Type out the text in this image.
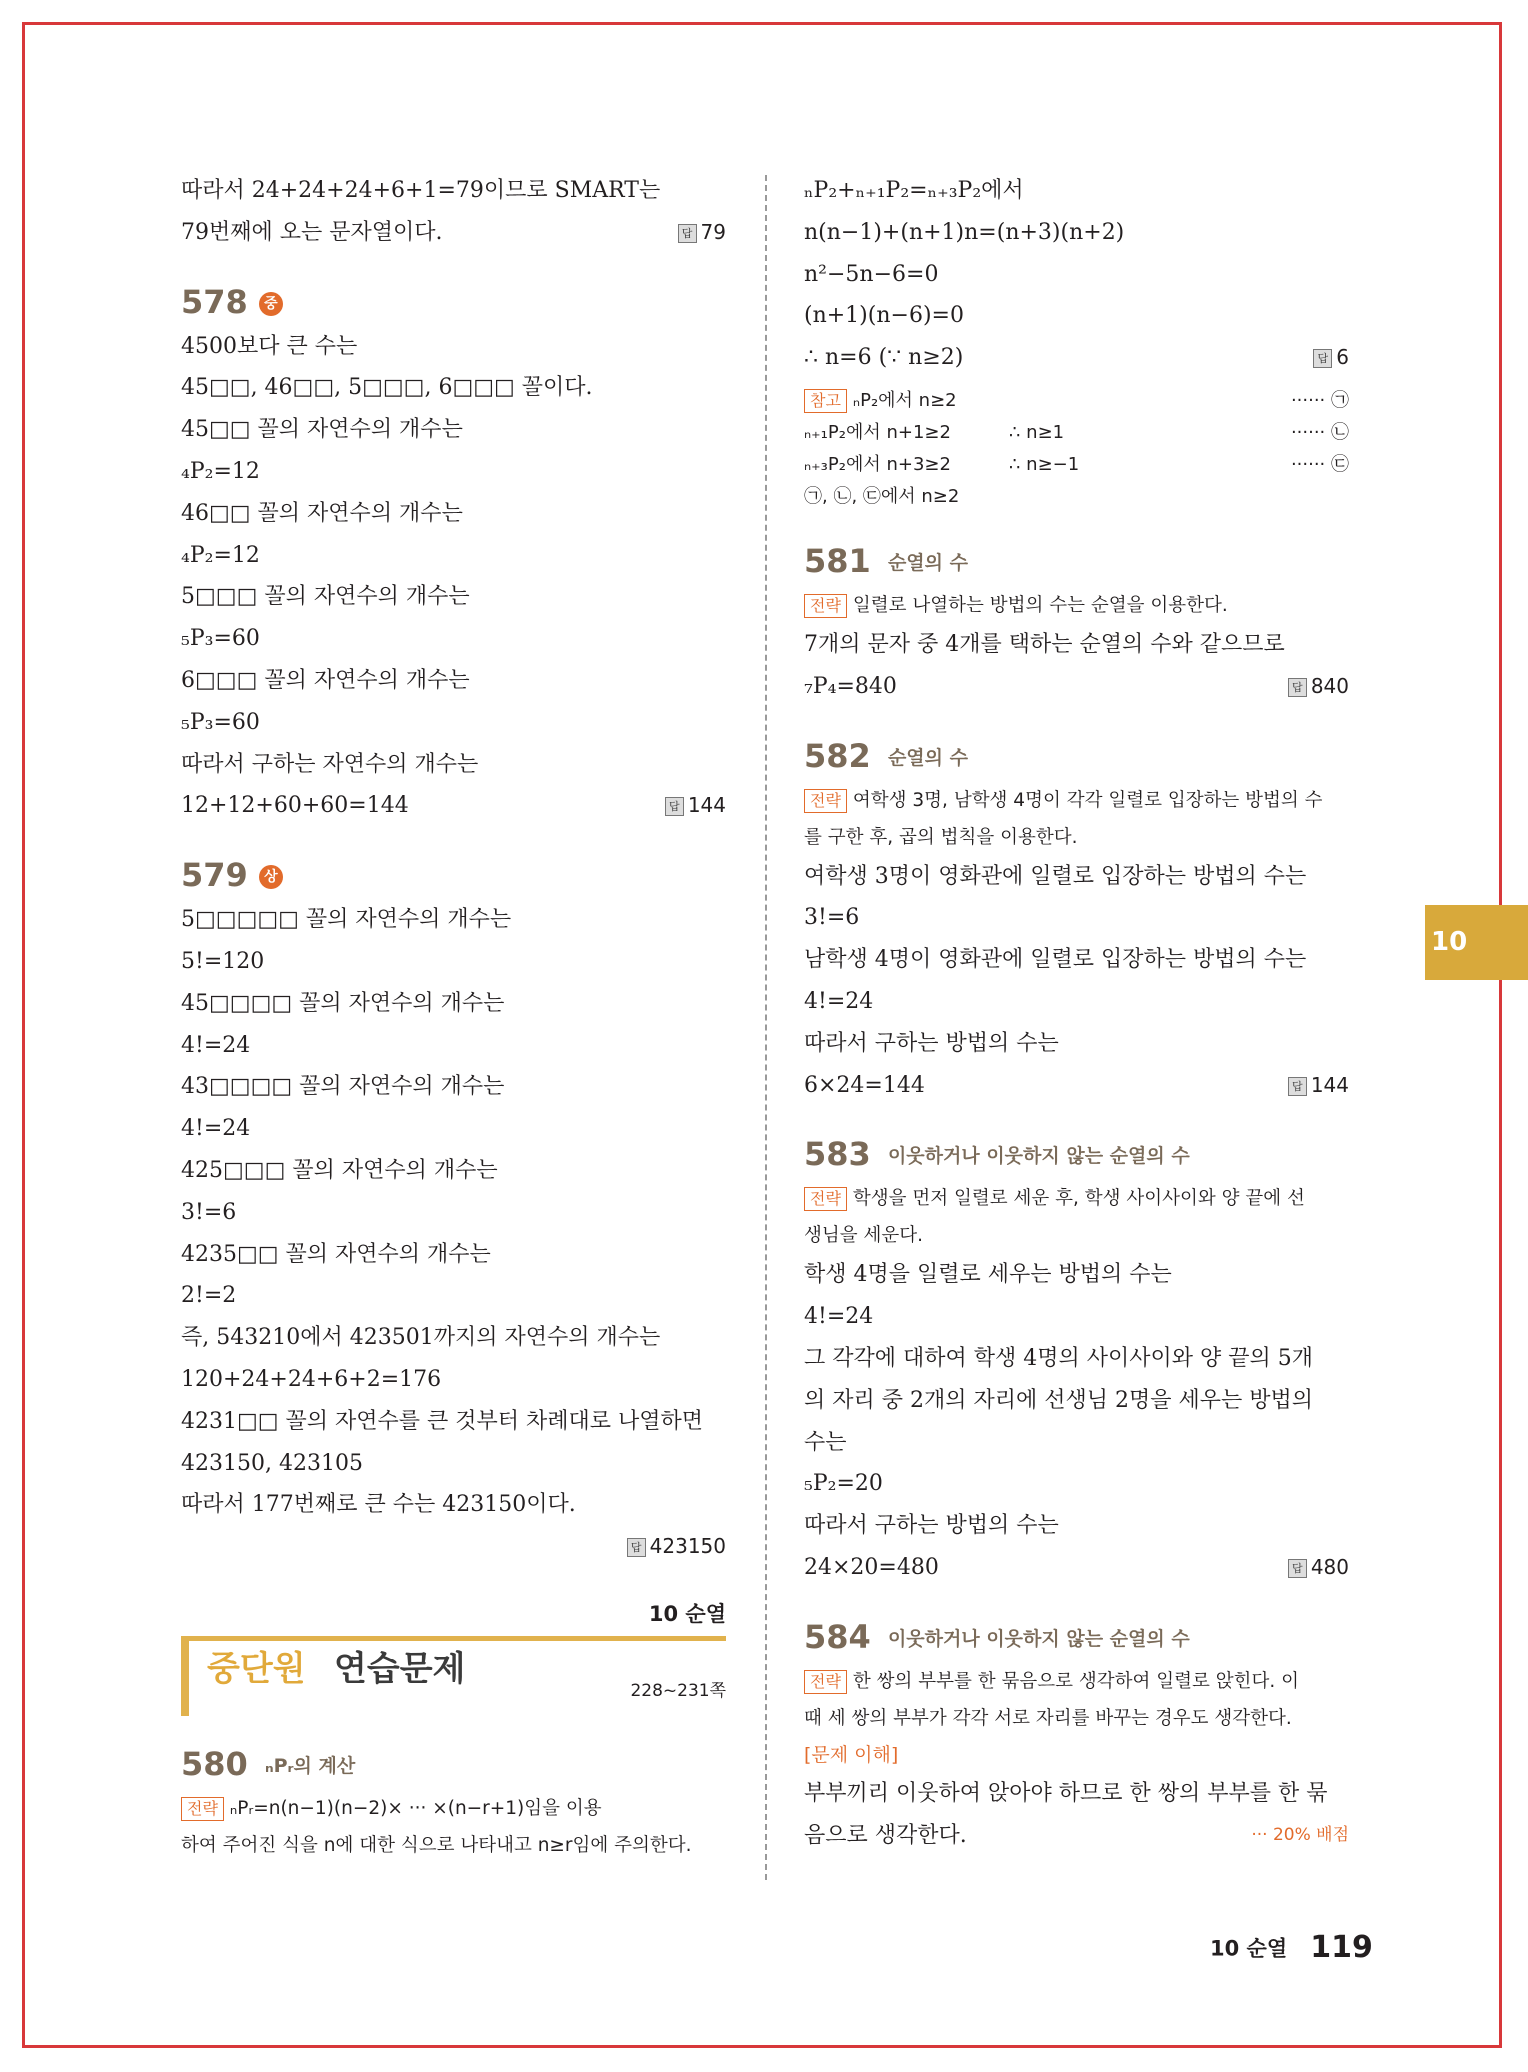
10
따라서 24+24+24+6+1=79이므로 SMART는
79번째에 오는 문자열이다.	답 79
578 중
4500보다 큰 수는
45□□, 46□□, 5□□□, 6□□□ 꼴이다.
45□□ 꼴의 자연수의 개수는
₄P₂=12
46□□ 꼴의 자연수의 개수는
₄P₂=12
5□□□ 꼴의 자연수의 개수는
₅P₃=60
6□□□ 꼴의 자연수의 개수는
₅P₃=60
따라서 구하는 자연수의 개수는
12+12+60+60=144	답 144
579 상
5□□□□□ 꼴의 자연수의 개수는
5!=120
45□□□□ 꼴의 자연수의 개수는
4!=24
43□□□□ 꼴의 자연수의 개수는
4!=24
425□□□ 꼴의 자연수의 개수는
3!=6
4235□□ 꼴의 자연수의 개수는
2!=2
즉, 543210에서 423501까지의 자연수의 개수는
120+24+24+6+2=176
4231□□ 꼴의 자연수를 큰 것부터 차례대로 나열하면
423150, 423105
따라서 177번째로 큰 수는 423150이다.
답 423150
10 순열
중단원 연습문제
228~231쪽
580 ₙPᵣ의 계산
전략 ₙPᵣ=n(n−1)(n−2)× ··· ×(n−r+1)임을 이용
하여 주어진 식을 n에 대한 식으로 나타내고 n≥r임에 주의한다.
ₙP₂+ₙ₊₁P₂=ₙ₊₃P₂에서
n(n−1)+(n+1)n=(n+3)(n+2)
n²−5n−6=0
(n+1)(n−6)=0
∴ n=6 (∵ n≥2)	답 6
참고 ₙP₂에서 n≥2	······ ㉠
ₙ₊₁P₂에서 n+1≥2	∴ n≥1	······ ㉡
ₙ₊₃P₂에서 n+3≥2	∴ n≥−1	······ ㉢
㉠, ㉡, ㉢에서 n≥2
581 순열의 수
전략 일렬로 나열하는 방법의 수는 순열을 이용한다.
7개의 문자 중 4개를 택하는 순열의 수와 같으므로
₇P₄=840	답 840
582 순열의 수
전략 여학생 3명, 남학생 4명이 각각 일렬로 입장하는 방법의 수
를 구한 후, 곱의 법칙을 이용한다.
여학생 3명이 영화관에 일렬로 입장하는 방법의 수는
3!=6
남학생 4명이 영화관에 일렬로 입장하는 방법의 수는
4!=24
따라서 구하는 방법의 수는
6×24=144	답 144
583 이웃하거나 이웃하지 않는 순열의 수
전략 학생을 먼저 일렬로 세운 후, 학생 사이사이와 양 끝에 선
생님을 세운다.
학생 4명을 일렬로 세우는 방법의 수는
4!=24
그 각각에 대하여 학생 4명의 사이사이와 양 끝의 5개
의 자리 중 2개의 자리에 선생님 2명을 세우는 방법의
수는
₅P₂=20
따라서 구하는 방법의 수는
24×20=480	답 480
584 이웃하거나 이웃하지 않는 순열의 수
전략 한 쌍의 부부를 한 묶음으로 생각하여 일렬로 앉힌다. 이
때 세 쌍의 부부가 각각 서로 자리를 바꾸는 경우도 생각한다.
[문제 이해]
부부끼리 이웃하여 앉아야 하므로 한 쌍의 부부를 한 묶
음으로 생각한다.	··· 20% 배점
10 순열 119
